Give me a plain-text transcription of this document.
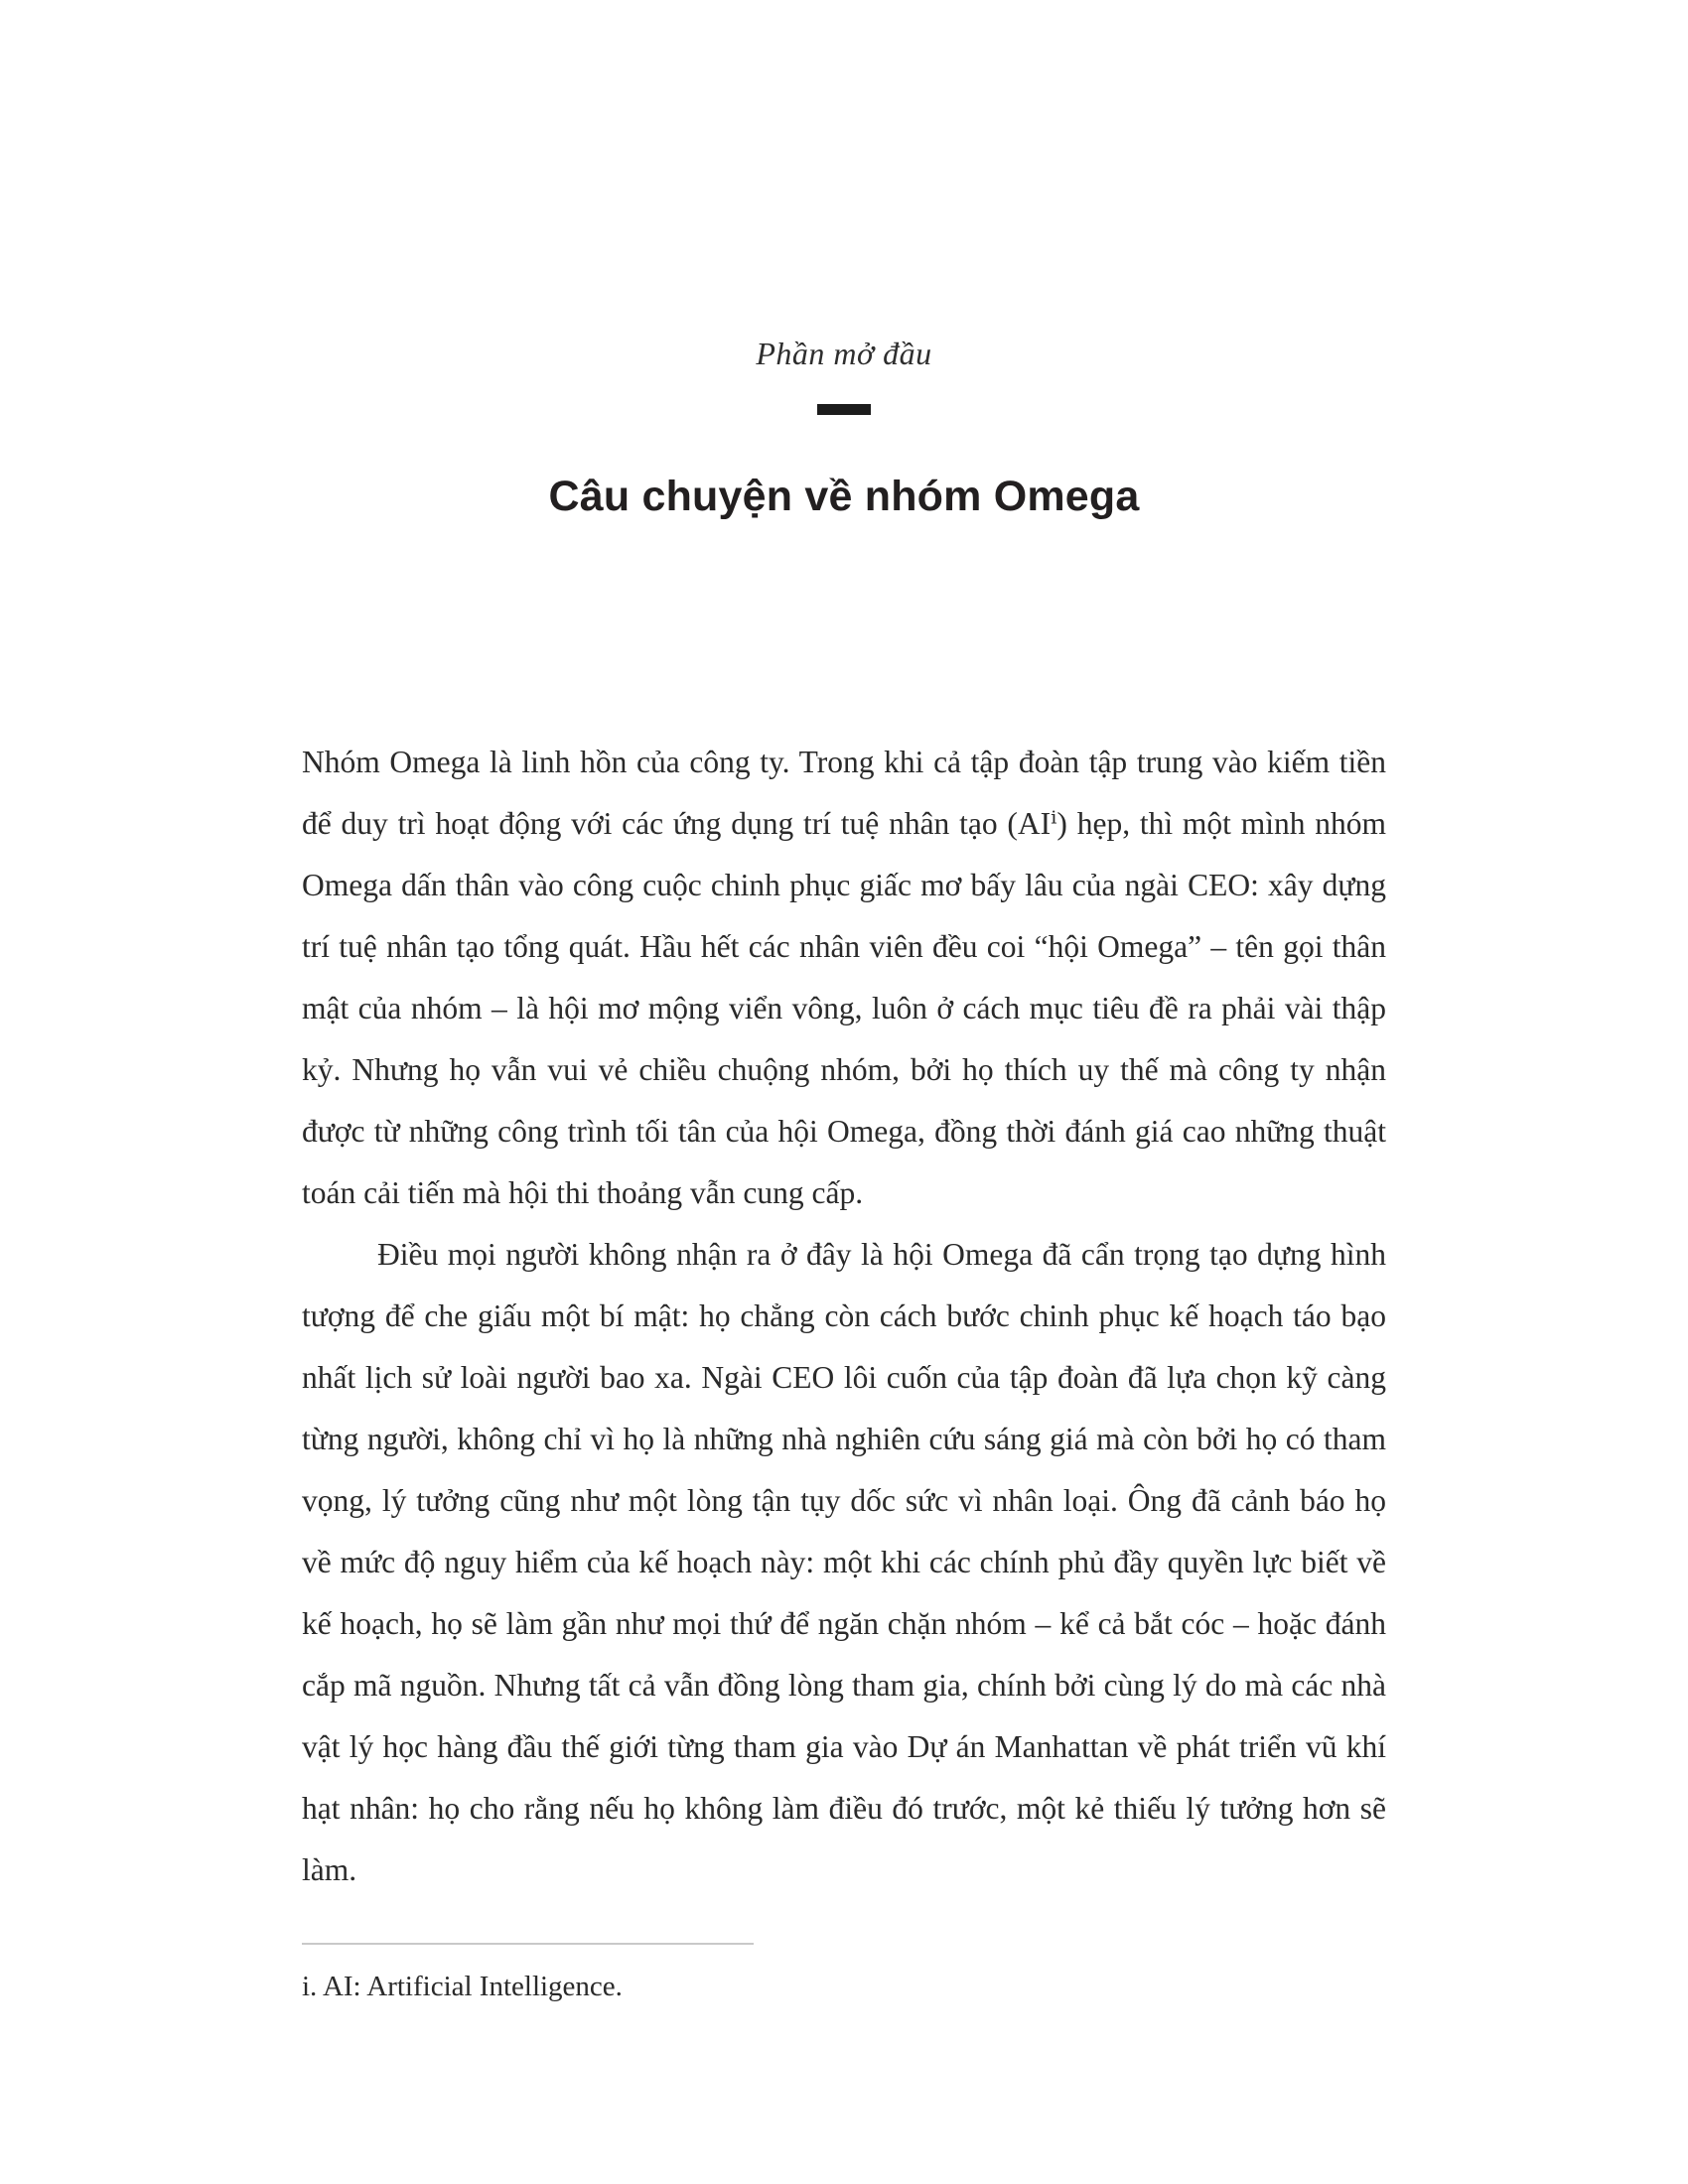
Phần mở đầu
Câu chuyện về nhóm Omega

Nhóm Omega là linh hồn của công ty. Trong khi cả tập đoàn tập trung vào kiếm tiền để duy trì hoạt động với các ứng dụng trí tuệ nhân tạo (AIⁱ) hẹp, thì một mình nhóm Omega dấn thân vào công cuộc chinh phục giấc mơ bấy lâu của ngài CEO: xây dựng trí tuệ nhân tạo tổng quát. Hầu hết các nhân viên đều coi “hội Omega” – tên gọi thân mật của nhóm – là hội mơ mộng viển vông, luôn ở cách mục tiêu đề ra phải vài thập kỷ. Nhưng họ vẫn vui vẻ chiều chuộng nhóm, bởi họ thích uy thế mà công ty nhận được từ những công trình tối tân của hội Omega, đồng thời đánh giá cao những thuật toán cải tiến mà hội thi thoảng vẫn cung cấp.

Điều mọi người không nhận ra ở đây là hội Omega đã cẩn trọng tạo dựng hình tượng để che giấu một bí mật: họ chẳng còn cách bước chinh phục kế hoạch táo bạo nhất lịch sử loài người bao xa. Ngài CEO lôi cuốn của tập đoàn đã lựa chọn kỹ càng từng người, không chỉ vì họ là những nhà nghiên cứu sáng giá mà còn bởi họ có tham vọng, lý tưởng cũng như một lòng tận tụy dốc sức vì nhân loại. Ông đã cảnh báo họ về mức độ nguy hiểm của kế hoạch này: một khi các chính phủ đầy quyền lực biết về kế hoạch, họ sẽ làm gần như mọi thứ để ngăn chặn nhóm – kể cả bắt cóc – hoặc đánh cắp mã nguồn. Nhưng tất cả vẫn đồng lòng tham gia, chính bởi cùng lý do mà các nhà vật lý học hàng đầu thế giới từng tham gia vào Dự án Manhattan về phát triển vũ khí hạt nhân: họ cho rằng nếu họ không làm điều đó trước, một kẻ thiếu lý tưởng hơn sẽ làm.

i. AI: Artificial Intelligence.
